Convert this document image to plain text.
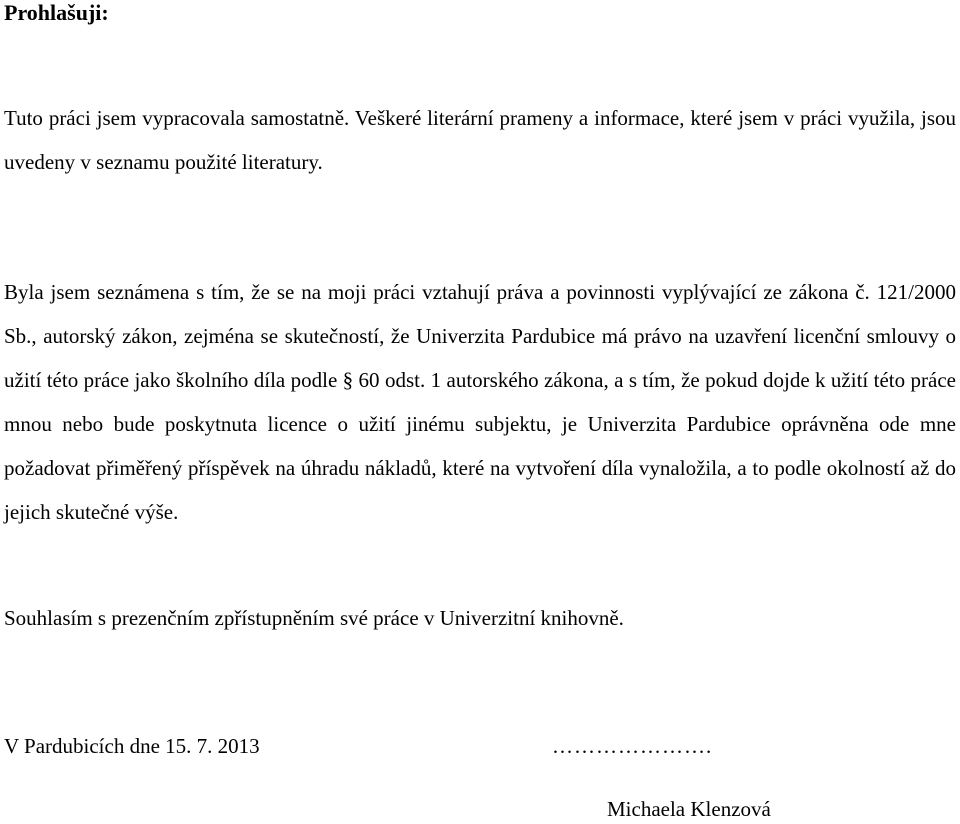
Prohlašuji:

Tuto práci jsem vypracovala samostatně. Veškeré literární prameny a informace, které jsem v práci využila, jsou uvedeny v seznamu použité literatury.

Byla jsem seznámena s tím, že se na moji práci vztahují práva a povinnosti vyplývající ze zákona č. 121/2000 Sb., autorský zákon, zejména se skutečností, že Univerzita Pardubice má právo na uzavření licenční smlouvy o užití této práce jako školního díla podle § 60 odst. 1 autorského zákona, a s tím, že pokud dojde k užití této práce mnou nebo bude poskytnuta licence o užití jinému subjektu, je Univerzita Pardubice oprávněna ode mne požadovat přiměřený příspěvek na úhradu nákladů, které na vytvoření díla vynaložila, a to podle okolností až do jejich skutečné výše.

Souhlasím s prezenčním zpřístupněním své práce v Univerzitní knihovně.

V Pardubicích dne 15. 7. 2013	………………….

Michaela Klenzová
